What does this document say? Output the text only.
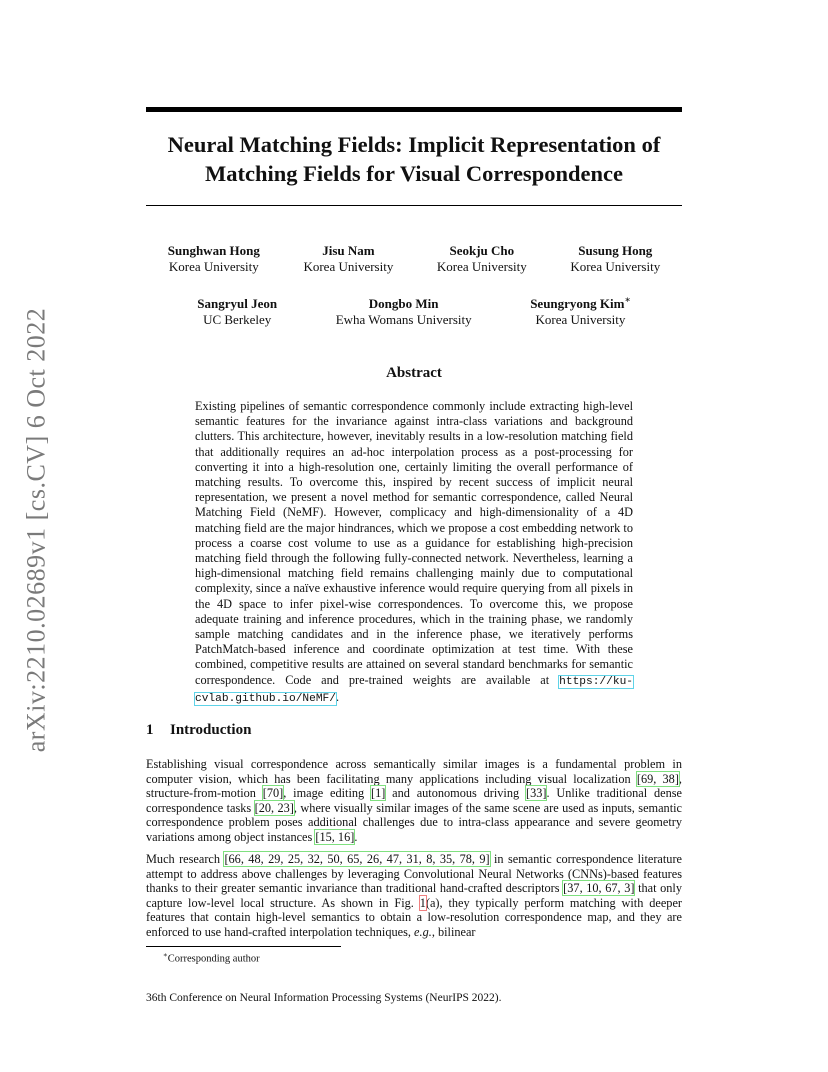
arXiv:2210.02689v1 [cs.CV] 6 Oct 2022
Neural Matching Fields: Implicit Representation of
Matching Fields for Visual Correspondence
Sunghwan Hong
Korea University
Jisu Nam
Korea University
Seokju Cho
Korea University
Susung Hong
Korea University
Sangryul Jeon
UC Berkeley
Dongbo Min
Ewha Womans University
Seungryong Kim∗
Korea University
Abstract
Existing pipelines of semantic correspondence commonly include extracting high-level semantic features for the invariance against intra-class variations and background clutters. This architecture, however, inevitably results in a low-resolution matching field that additionally requires an ad-hoc interpolation process as a post-processing for converting it into a high-resolution one, certainly limiting the overall performance of matching results. To overcome this, inspired by recent success of implicit neural representation, we present a novel method for semantic correspondence, called Neural Matching Field (NeMF). However, complicacy and high-dimensionality of a 4D matching field are the major hindrances, which we propose a cost embedding network to process a coarse cost volume to use as a guidance for establishing high-precision matching field through the following fully-connected network. Nevertheless, learning a high-dimensional matching field remains challenging mainly due to computational complexity, since a naïve exhaustive inference would require querying from all pixels in the 4D space to infer pixel-wise correspondences. To overcome this, we propose adequate training and inference procedures, which in the training phase, we randomly sample matching candidates and in the inference phase, we iteratively performs PatchMatch-based inference and coordinate optimization at test time. With these combined, competitive results are attained on several standard benchmarks for semantic correspondence. Code and pre-trained weights are available at https://ku-cvlab.github.io/NeMF/.
1 Introduction
Establishing visual correspondence across semantically similar images is a fundamental problem in computer vision, which has been facilitating many applications including visual localization [69, 38], structure-from-motion [70], image editing [1] and autonomous driving [33]. Unlike traditional dense correspondence tasks [20, 23], where visually similar images of the same scene are used as inputs, semantic correspondence problem poses additional challenges due to intra-class appearance and severe geometry variations among object instances [15, 16].
Much research [66, 48, 29, 25, 32, 50, 65, 26, 47, 31, 8, 35, 78, 9] in semantic correspondence literature attempt to address above challenges by leveraging Convolutional Neural Networks (CNNs)-based features thanks to their greater semantic invariance than traditional hand-crafted descriptors [37, 10, 67, 3] that only capture low-level local structure. As shown in Fig. 1(a), they typically perform matching with deeper features that contain high-level semantics to obtain a low-resolution correspondence map, and they are enforced to use hand-crafted interpolation techniques, e.g., bilinear
∗Corresponding author
36th Conference on Neural Information Processing Systems (NeurIPS 2022).
